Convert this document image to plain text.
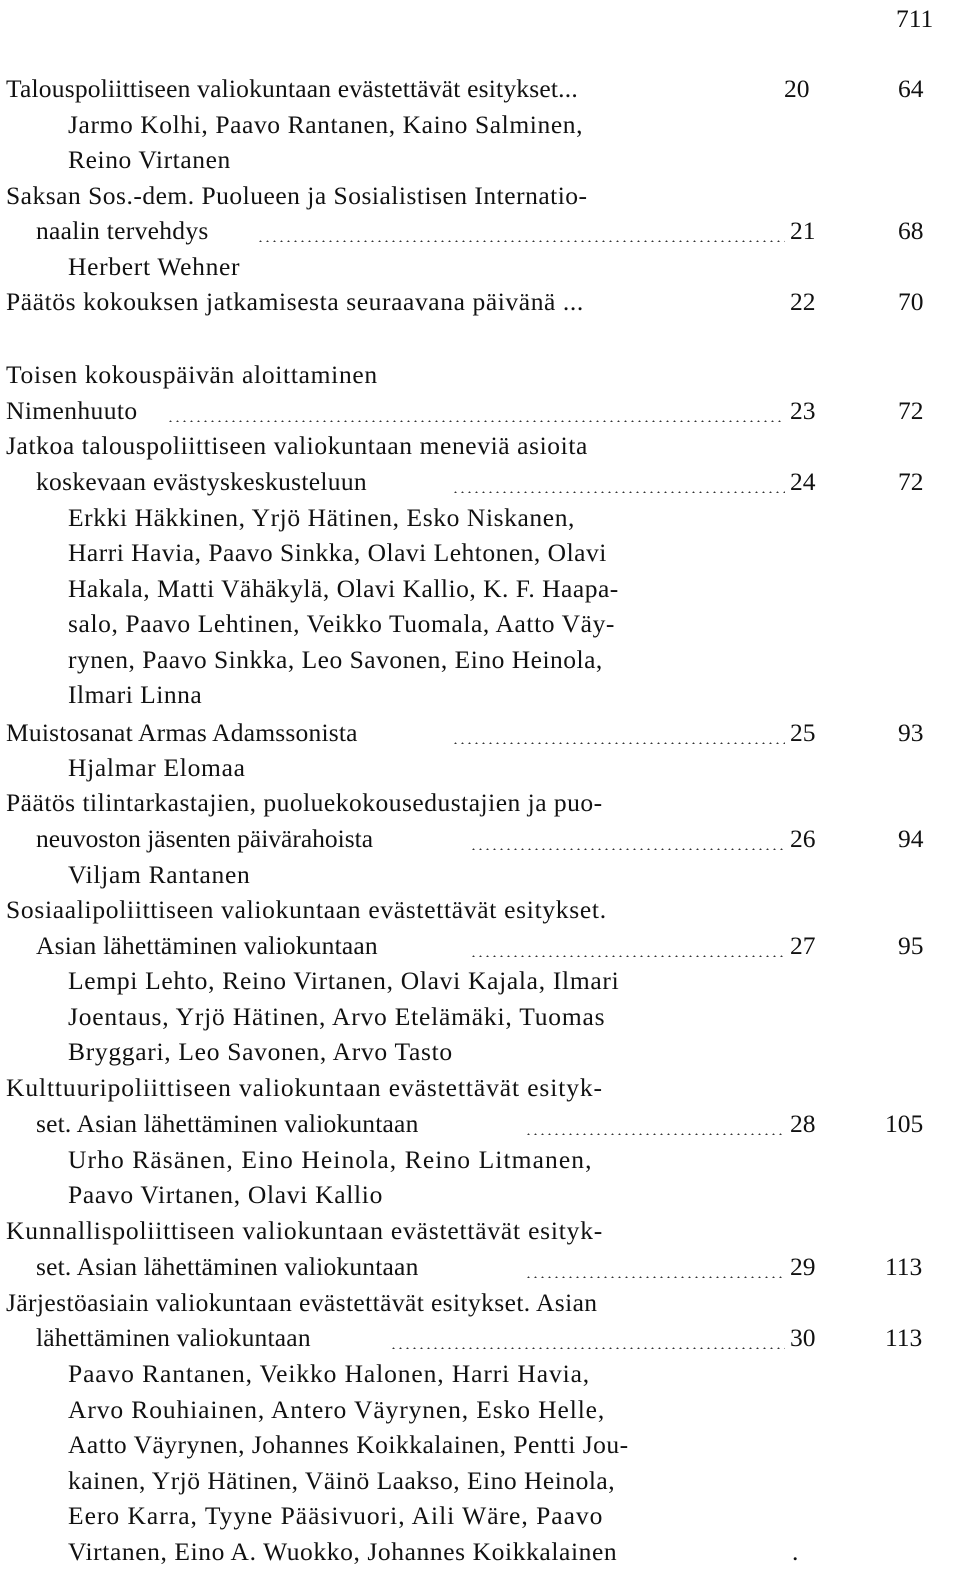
711
Talouspoliittiseen valiokuntaan evästettävät esitykset...	20	64
Jarmo Kolhi, Paavo Rantanen, Kaino Salminen,
Reino Virtanen
Saksan Sos.-dem. Puolueen ja Sosialistisen Internatio-
naalin tervehdys	21	68
Herbert Wehner
Päätös kokouksen jatkamisesta seuraavana päivänä ...	22	70
Toisen kokouspäivän aloittaminen
Nimenhuuto	23	72
Jatkoa talouspoliittiseen valiokuntaan meneviä asioita
koskevaan evästyskeskusteluun	24	72
Erkki Häkkinen, Yrjö Hätinen, Esko Niskanen,
Harri Havia, Paavo Sinkka, Olavi Lehtonen, Olavi
Hakala, Matti Vähäkylä, Olavi Kallio, K. F. Haapa-
salo, Paavo Lehtinen, Veikko Tuomala, Aatto Väy-
rynen, Paavo Sinkka, Leo Savonen, Eino Heinola,
Ilmari Linna
Muistosanat Armas Adamssonista	25	93
Hjalmar Elomaa
Päätös tilintarkastajien, puoluekokousedustajien ja puo-
neuvoston jäsenten päivärahoista	26	94
Viljam Rantanen
Sosiaalipoliittiseen valiokuntaan evästettävät esitykset.
Asian lähettäminen valiokuntaan	27	95
Lempi Lehto, Reino Virtanen, Olavi Kajala, Ilmari
Joentaus, Yrjö Hätinen, Arvo Etelämäki, Tuomas
Bryggari, Leo Savonen, Arvo Tasto
Kulttuuripoliittiseen valiokuntaan evästettävät esityk-
set. Asian lähettäminen valiokuntaan	28	105
Urho Räsänen, Eino Heinola, Reino Litmanen,
Paavo Virtanen, Olavi Kallio
Kunnallispoliittiseen valiokuntaan evästettävät esityk-
set. Asian lähettäminen valiokuntaan	29	113
Järjestöasiain valiokuntaan evästettävät esitykset. Asian
lähettäminen valiokuntaan	30	113
Paavo Rantanen, Veikko Halonen, Harri Havia,
Arvo Rouhiainen, Antero Väyrynen, Esko Helle,
Aatto Väyrynen, Johannes Koikkalainen, Pentti Jou-
kainen, Yrjö Hätinen, Väinö Laakso, Eino Heinola,
Eero Karra, Tyyne Pääsivuori, Aili Wäre, Paavo
Virtanen, Eino A. Wuokko, Johannes Koikkalainen	.
